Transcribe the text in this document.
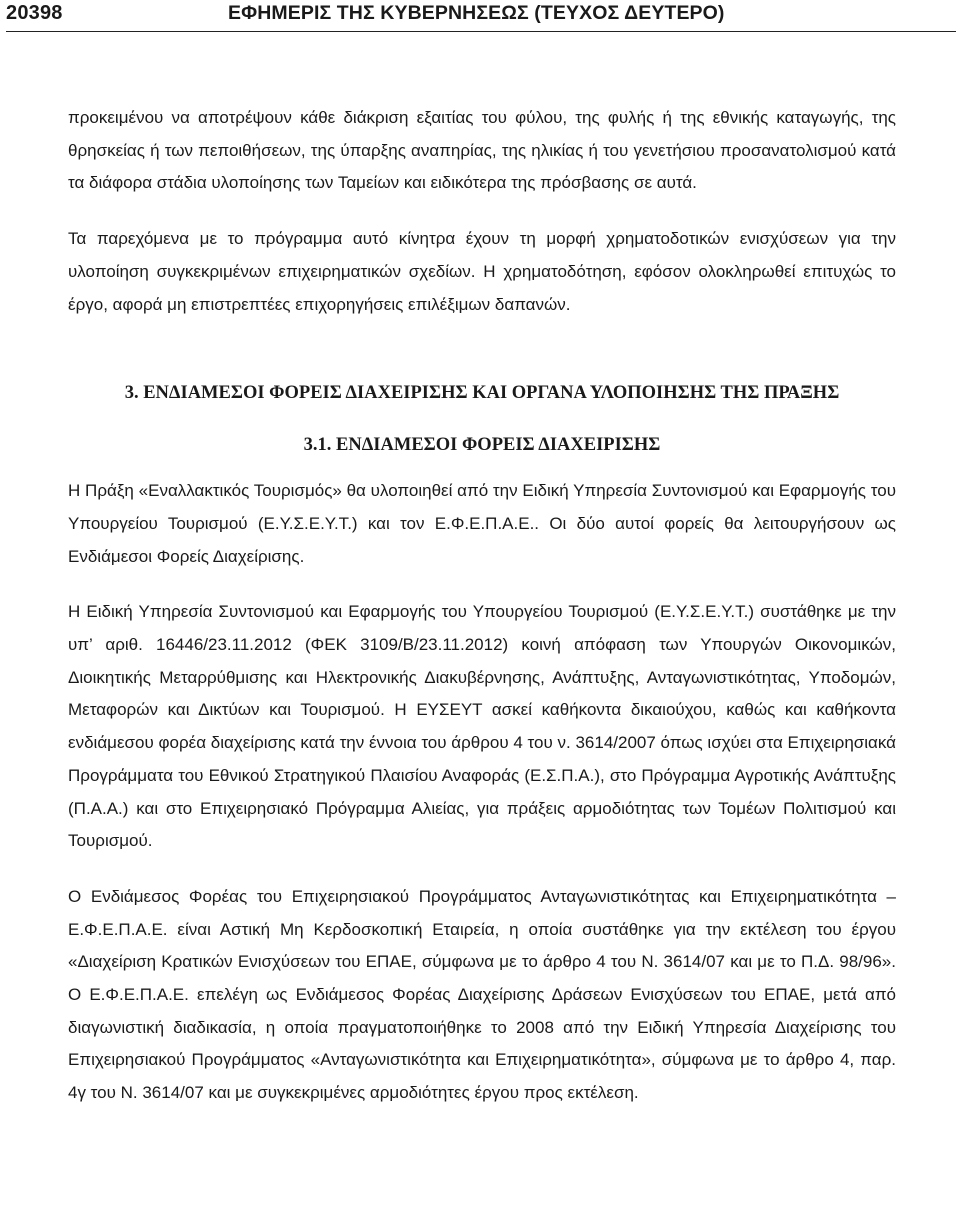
20398	ΕΦΗΜΕΡΙΣ ΤΗΣ ΚΥΒΕΡΝΗΣΕΩΣ (ΤΕΥΧΟΣ ΔΕΥΤΕΡΟ)

προκειμένου να αποτρέψουν κάθε διάκριση εξαιτίας του φύλου, της φυλής ή της εθνικής καταγωγής, της θρησκείας ή των πεποιθήσεων, της ύπαρξης αναπηρίας, της ηλικίας ή του γενετήσιου προσανατολισμού κατά τα διάφορα στάδια υλοποίησης των Ταμείων και ειδικότερα της πρόσβασης σε αυτά.

Τα παρεχόμενα με το πρόγραμμα αυτό κίνητρα έχουν τη μορφή χρηματοδοτικών ενισχύσεων για την υλοποίηση συγκεκριμένων επιχειρηματικών σχεδίων. Η χρηματοδότηση, εφόσον ολοκληρωθεί επιτυχώς το έργο, αφορά μη επιστρεπτέες επιχορηγήσεις επιλέξιμων δαπανών.

3. ΕΝΔΙΑΜΕΣΟΙ ΦΟΡΕΙΣ ΔΙΑΧΕΙΡΙΣΗΣ ΚΑΙ ΟΡΓΑΝΑ ΥΛΟΠΟΙΗΣΗΣ ΤΗΣ ΠΡΑΞΗΣ
3.1. ΕΝΔΙΑΜΕΣΟΙ ΦΟΡΕΙΣ ΔΙΑΧΕΙΡΙΣΗΣ

Η Πράξη «Εναλλακτικός Τουρισμός» θα υλοποιηθεί από την Ειδική Υπηρεσία Συντονισμού και Εφαρμογής του Υπουργείου Τουρισμού (Ε.Υ.Σ.Ε.Υ.Τ.) και τον Ε.Φ.Ε.Π.Α.Ε.. Οι δύο αυτοί φορείς θα λειτουργήσουν ως Ενδιάμεσοι Φορείς Διαχείρισης.

Η Ειδική Υπηρεσία Συντονισμού και Εφαρμογής του Υπουργείου Τουρισμού (Ε.Υ.Σ.Ε.Υ.Τ.) συστάθηκε με την υπ’ αριθ. 16446/23.11.2012 (ΦΕΚ 3109/Β/23.11.2012) κοινή απόφαση των Υπουργών Οικονομικών, Διοικητικής Μεταρρύθμισης και Ηλεκτρονικής Διακυβέρνησης, Ανάπτυξης, Ανταγωνιστικότητας, Υποδομών, Μεταφορών και Δικτύων και Τουρισμού. Η ΕΥΣΕΥΤ ασκεί καθήκοντα δικαιούχου, καθώς και καθήκοντα ενδιάμεσου φορέα διαχείρισης κατά την έννοια του άρθρου 4 του ν. 3614/2007 όπως ισχύει στα Επιχειρησιακά Προγράμματα του Εθνικού Στρατηγικού Πλαισίου Αναφοράς (Ε.Σ.Π.Α.), στο Πρόγραμμα Αγροτικής Ανάπτυξης (Π.Α.Α.) και στο Επιχειρησιακό Πρόγραμμα Αλιείας, για πράξεις αρμοδιότητας των Τομέων Πολιτισμού και Τουρισμού.

Ο Ενδιάμεσος Φορέας του Επιχειρησιακού Προγράμματος Ανταγωνιστικότητας και Επιχειρηματικότητα – Ε.Φ.Ε.Π.Α.Ε. είναι Αστική Μη Κερδοσκοπική Εταιρεία, η οποία συστάθηκε για την εκτέλεση του έργου «Διαχείριση Κρατικών Ενισχύσεων του ΕΠΑΕ, σύμφωνα με το άρθρο 4 του Ν. 3614/07 και με το Π.Δ. 98/96». Ο Ε.Φ.Ε.Π.Α.Ε. επελέγη ως Ενδιάμεσος Φορέας Διαχείρισης Δράσεων Ενισχύσεων του ΕΠΑΕ, μετά από διαγωνιστική διαδικασία, η οποία πραγματοποιήθηκε το 2008 από την Ειδική Υπηρεσία Διαχείρισης του Επιχειρησιακού Προγράμματος «Ανταγωνιστικότητα και Επιχειρηματικότητα», σύμφωνα με το άρθρο 4, παρ. 4γ του Ν. 3614/07 και με συγκεκριμένες αρμοδιότητες έργου προς εκτέλεση.
